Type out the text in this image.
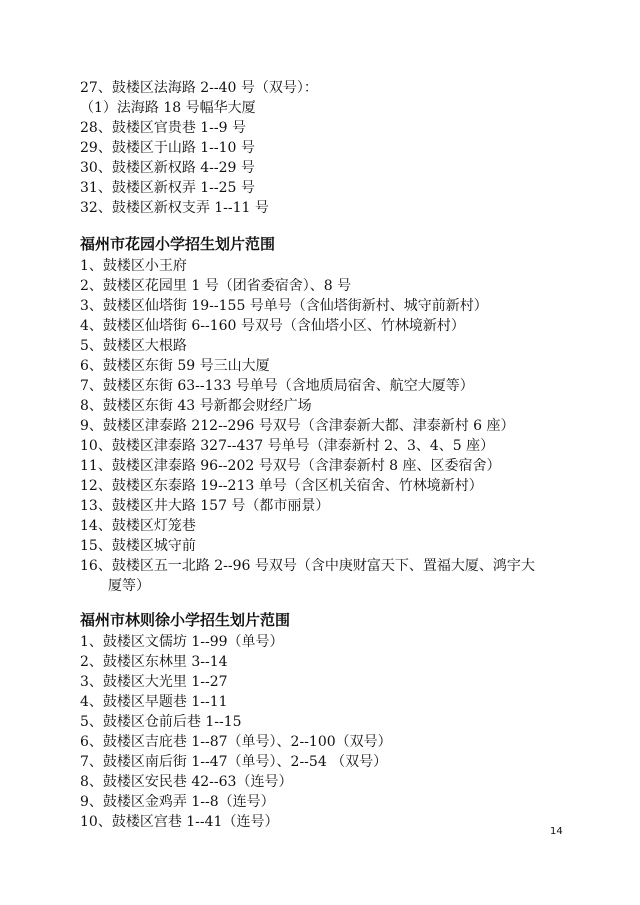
27、鼓楼区法海路 2--40 号（双号）：
（1）法海路 18 号幅华大厦
28、鼓楼区官贵巷 1--9 号
29、鼓楼区于山路 1--10 号
30、鼓楼区新权路 4--29 号
31、鼓楼区新权弄 1--25 号
32、鼓楼区新权支弄 1--11 号
福州市花园小学招生划片范围
1、鼓楼区小王府
2、鼓楼区花园里 1 号（团省委宿舍）、8 号
3、鼓楼区仙塔街 19--155 号单号（含仙塔街新村、城守前新村）
4、鼓楼区仙塔街 6--160 号双号（含仙塔小区、竹林境新村）
5、鼓楼区大根路
6、鼓楼区东街 59 号三山大厦
7、鼓楼区东街 63--133 号单号（含地质局宿舍、航空大厦等）
8、鼓楼区东街 43 号新都会财经广场
9、鼓楼区津泰路 212--296 号双号（含津泰新大都、津泰新村 6 座）
10、鼓楼区津泰路 327--437 号单号（津泰新村 2、3、4、5 座）
11、鼓楼区津泰路 96--202 号双号（含津泰新村 8 座、区委宿舍）
12、鼓楼区东泰路 19--213 单号（含区机关宿舍、竹林境新村）
13、鼓楼区井大路 157 号（都市丽景）
14、鼓楼区灯笼巷
15、鼓楼区城守前
16、鼓楼区五一北路 2--96 号双号（含中庚财富天下、置福大厦、鸿宇大
厦等）
福州市林则徐小学招生划片范围
1、鼓楼区文儒坊 1--99（单号）
2、鼓楼区东林里 3--14
3、鼓楼区大光里 1--27
4、鼓楼区早题巷 1--11
5、鼓楼区仓前后巷 1--15
6、鼓楼区吉庇巷 1--87（单号）、2--100（双号）
7、鼓楼区南后街 1--47（单号）、2--54 （双号）
8、鼓楼区安民巷 42--63（连号）
9、鼓楼区金鸡弄 1--8（连号）
10、鼓楼区宫巷 1--41（连号）
14
